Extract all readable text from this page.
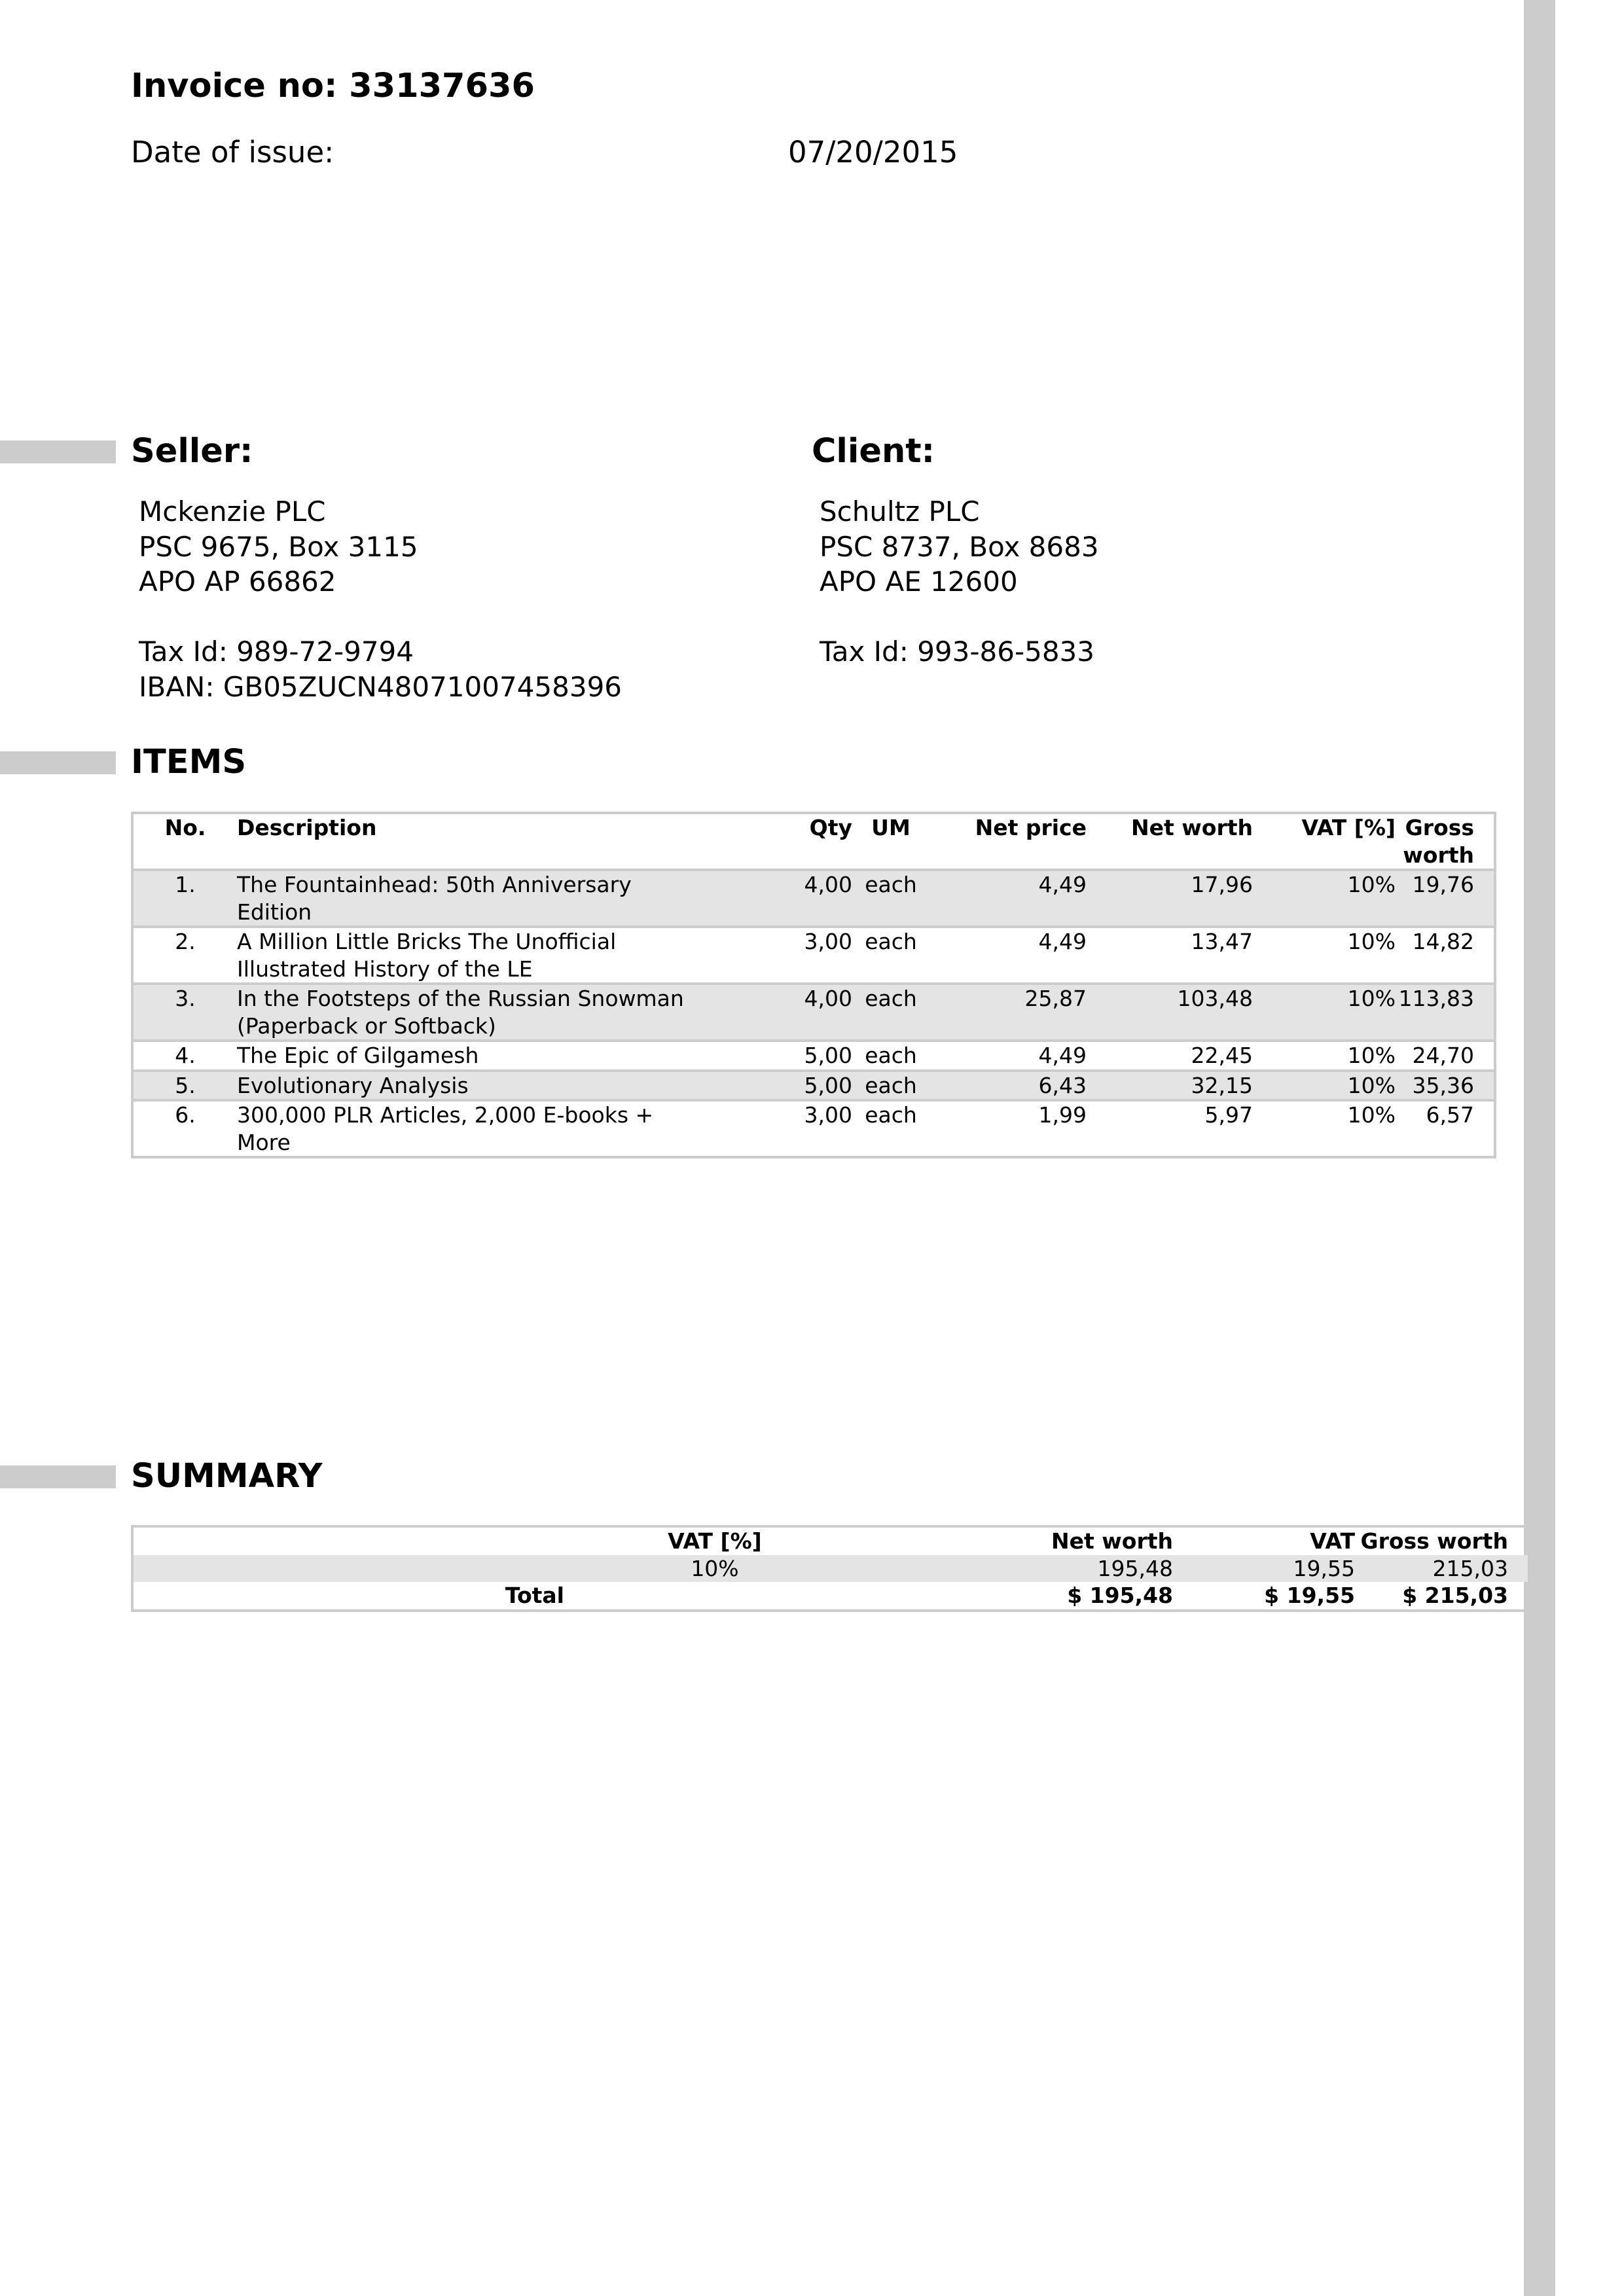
Invoice no: 33137636
Date of issue:	07/20/2015
Seller:
Mckenzie PLC
PSC 9675, Box 3115
APO AP 66862
Tax Id: 989-72-9794
IBAN: GB05ZUCN48071007458396
Client:
Schultz PLC
PSC 8737, Box 8683
APO AE 12600
Tax Id: 993-86-5833
ITEMS
No.	Description	Qty	UM	Net price	Net worth	VAT [%]	Gross worth
1.	The Fountainhead: 50th Anniversary Edition	4,00	each	4,49	17,96	10%	19,76
2.	A Million Little Bricks The Unofficial Illustrated History of the LE	3,00	each	4,49	13,47	10%	14,82
3.	In the Footsteps of the Russian Snowman (Paperback or Softback)	4,00	each	25,87	103,48	10%	113,83
4.	The Epic of Gilgamesh	5,00	each	4,49	22,45	10%	24,70
5.	Evolutionary Analysis	5,00	each	6,43	32,15	10%	35,36
6.	300,000 PLR Articles, 2,000 E-books + More	3,00	each	1,99	5,97	10%	6,57
SUMMARY
	VAT [%]	Net worth	VAT	Gross worth
	10%	195,48	19,55	215,03
Total		$ 195,48	$ 19,55	$ 215,03
